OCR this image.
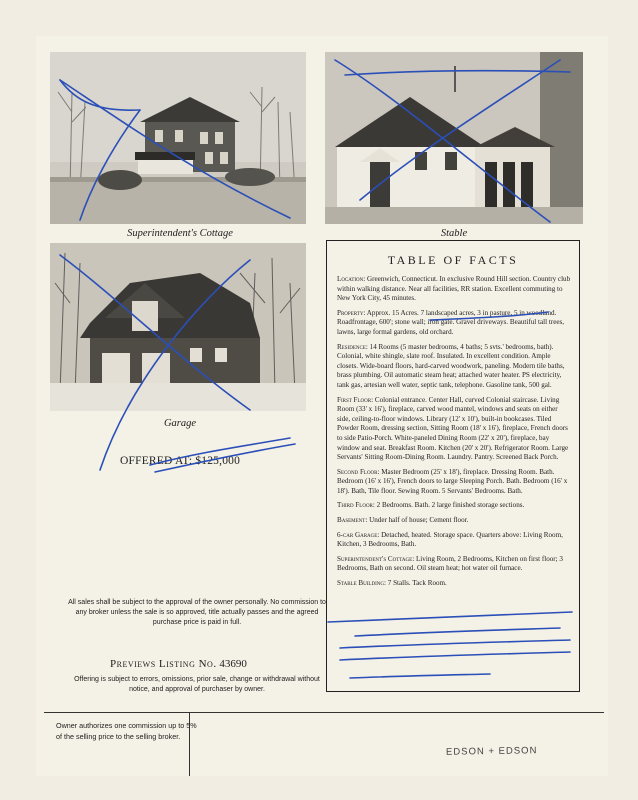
Superintendent's Cottage	Stable
Garage
OFFERED AT: $125,000
All sales shall be subject to the approval of the owner personally. No commission to any broker unless the sale is so approved, title actually passes and the agreed purchase price is paid in full.
Previews Listing No. 43690
Offering is subject to errors, omissions, prior sale, change or withdrawal without notice, and approval of purchaser by owner.
TABLE OF FACTS

Location: Greenwich, Connecticut. In exclusive Round Hill section. Country club within walking distance. Near all facilities, RR station. Excellent commuting to New York City, 45 minutes.

Property: Approx. 15 Acres. 7 landscaped acres, 3 in pasture, 5 in woodland. Roadfrontage, 600'; stone wall; iron gate. Gravel driveways. Beautiful tall trees, lawns, large formal gardens, old orchard.

Residence: 14 Rooms (5 master bedrooms, 4 baths; 5 svts.' bedrooms, bath). Colonial, white shingle, slate roof. Insulated. In excellent condition. Ample closets. Wide-board floors, hard-carved woodwork, paneling. Modern tile baths, brass plumbing. Oil automatic steam heat; attached water heater. PS electricity, tank gas, artesian well water, septic tank, telephone. Gasoline tank, 500 gal.

First Floor: Colonial entrance. Center Hall, curved Colonial staircase. Living Room (33' x 16'), fireplace, carved wood mantel, windows and seats on either side, ceiling-to-floor windows. Library (12' x 10'), built-in bookcases. Tiled Powder Room, dressing section, Sitting Room (18' x 16'), fireplace, French doors to side Patio-Porch. White-paneled Dining Room (22' x 20'), fireplace, bay window and seat. Breakfast Room. Kitchen (20' x 20'). Refrigerator Room. Large Servants' Sitting Room-Dining Room. Laundry. Pantry. Screened Back Porch.

Second Floor: Master Bedroom (25' x 18'), fireplace. Dressing Room. Bath. Bedroom (16' x 16'), French doors to large Sleeping Porch. Bath. Bedroom (16' x 18'). Bath, Tile floor. Sewing Room. 5 Servants' Bedrooms. Bath.

Third Floor: 2 Bedrooms. Bath. 2 large finished storage sections.

Basement: Under half of house; Cement floor.

6-car Garage: Detached, heated. Storage space. Quarters above: Living Room, Kitchen, 3 Bedrooms, Bath.

Superintendent's Cottage: Living Room, 2 Bedrooms, Kitchen on first floor; 3 Bedrooms, Bath on second. Oil steam heat; hot water oil furnace.

Stable Building: 7 Stalls. Tack Room.

Owner authorizes one commission up to 5% of the selling price to the selling broker.
EDSON + EDSON
